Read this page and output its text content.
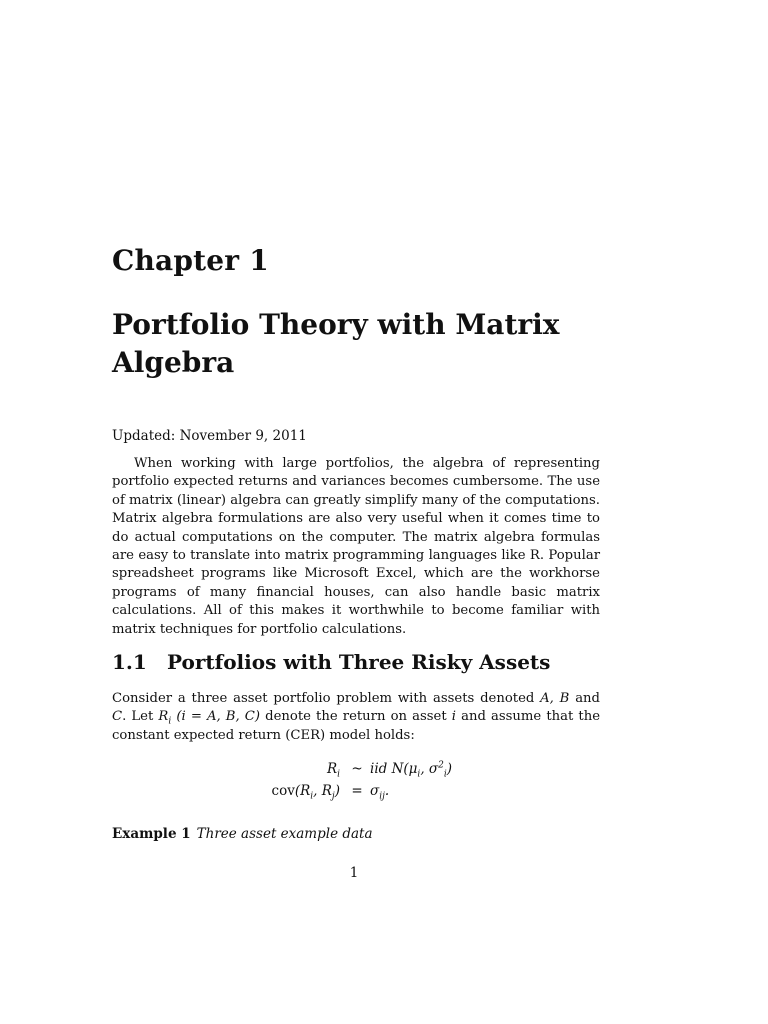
Chapter 1
Portfolio Theory with Matrix Algebra
Updated: November 9, 2011

When working with large portfolios, the algebra of representing portfolio expected returns and variances becomes cumbersome. The use of matrix (linear) algebra can greatly simplify many of the computations. Matrix algebra formulations are also very useful when it comes time to do actual computations on the computer. The matrix algebra formulas are easy to translate into matrix programming languages like R. Popular spreadsheet programs like Microsoft Excel, which are the workhorse programs of many financial houses, can also handle basic matrix calculations. All of this makes it worthwhile to become familiar with matrix techniques for portfolio calculations.

1.1 Portfolios with Three Risky Assets

Consider a three asset portfolio problem with assets denoted A, B and C. Let $R_i$ (i = A, B, C) denote the return on asset i and assume that the constant expected return (CER) model holds:

$R_i$ ~ iid $N(\mu_i$, $\sigma^2_i$)
$cov(R_i$, $R_j) = \sigma_{ij}$.
Example 1 Three asset example data
1
